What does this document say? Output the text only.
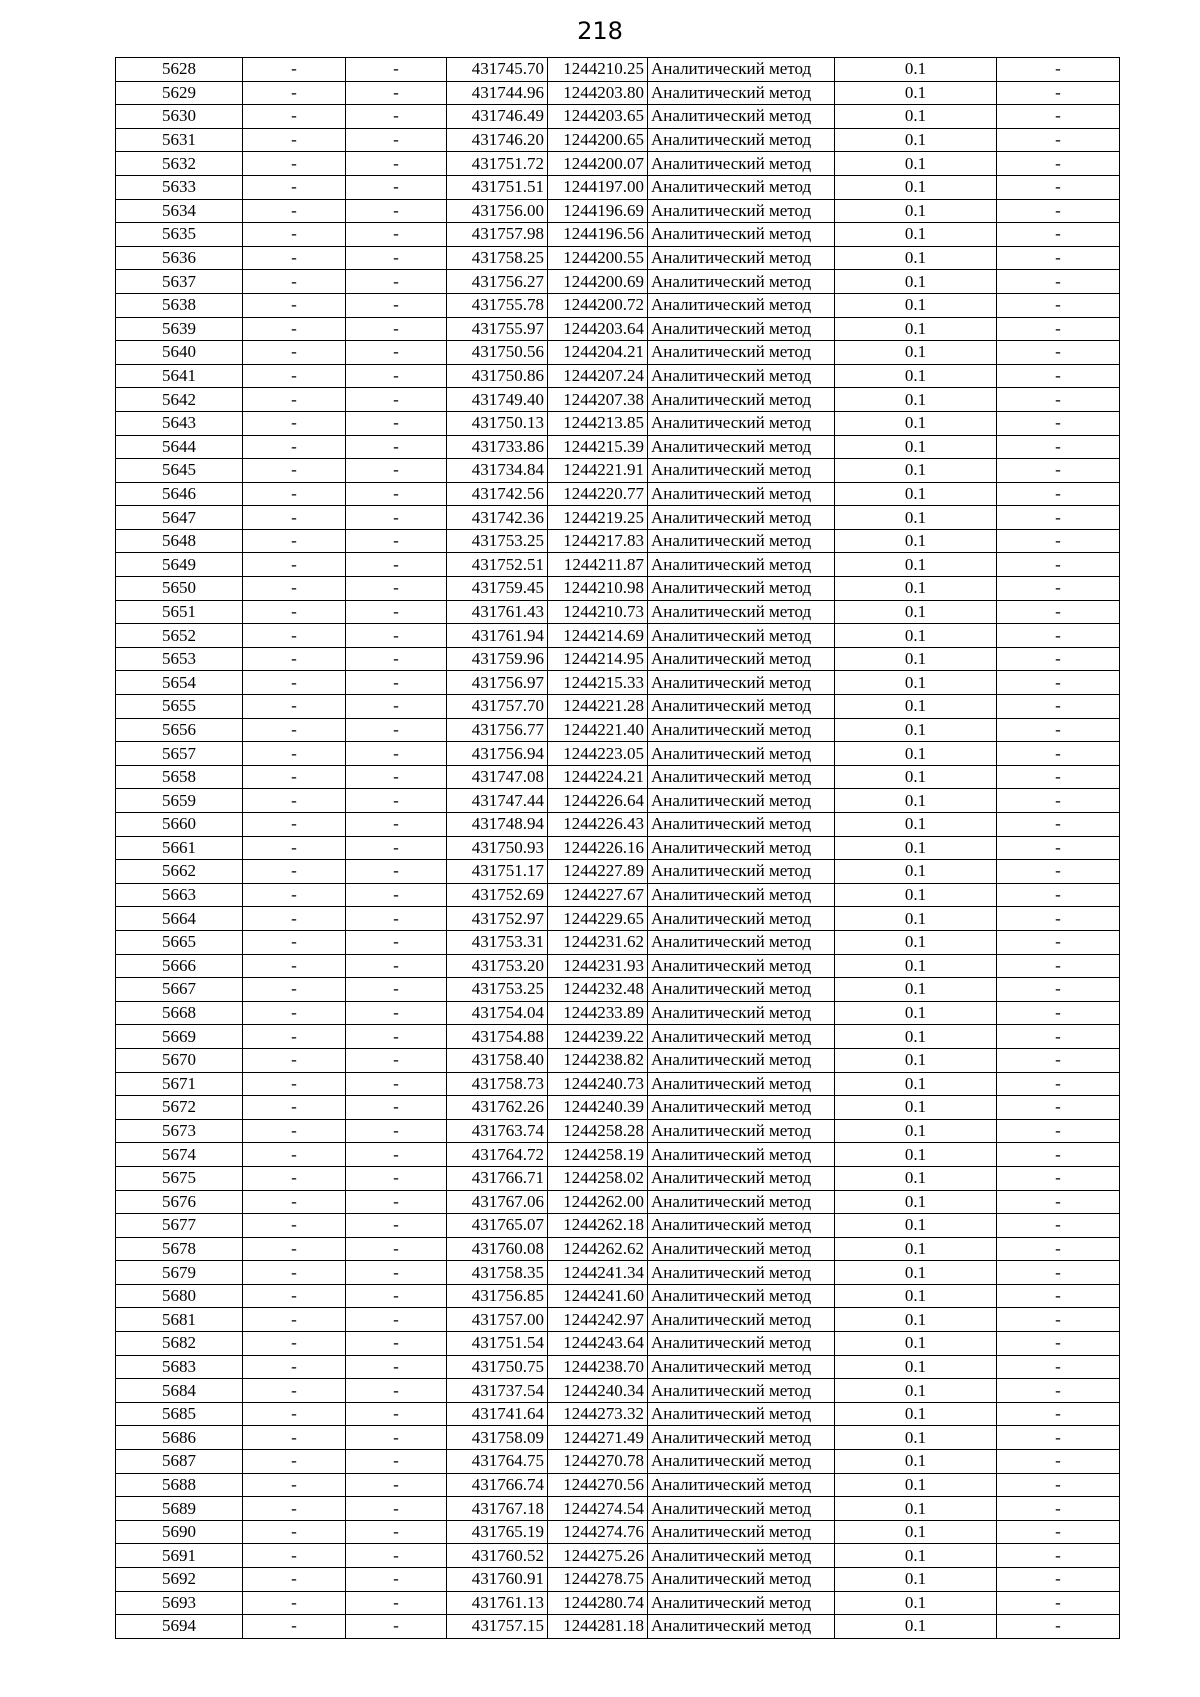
218
5628	-	-	431745.70	1244210.25	Аналитический метод	0.1	-
5629	-	-	431744.96	1244203.80	Аналитический метод	0.1	-
5630	-	-	431746.49	1244203.65	Аналитический метод	0.1	-
5631	-	-	431746.20	1244200.65	Аналитический метод	0.1	-
5632	-	-	431751.72	1244200.07	Аналитический метод	0.1	-
5633	-	-	431751.51	1244197.00	Аналитический метод	0.1	-
5634	-	-	431756.00	1244196.69	Аналитический метод	0.1	-
5635	-	-	431757.98	1244196.56	Аналитический метод	0.1	-
5636	-	-	431758.25	1244200.55	Аналитический метод	0.1	-
5637	-	-	431756.27	1244200.69	Аналитический метод	0.1	-
5638	-	-	431755.78	1244200.72	Аналитический метод	0.1	-
5639	-	-	431755.97	1244203.64	Аналитический метод	0.1	-
5640	-	-	431750.56	1244204.21	Аналитический метод	0.1	-
5641	-	-	431750.86	1244207.24	Аналитический метод	0.1	-
5642	-	-	431749.40	1244207.38	Аналитический метод	0.1	-
5643	-	-	431750.13	1244213.85	Аналитический метод	0.1	-
5644	-	-	431733.86	1244215.39	Аналитический метод	0.1	-
5645	-	-	431734.84	1244221.91	Аналитический метод	0.1	-
5646	-	-	431742.56	1244220.77	Аналитический метод	0.1	-
5647	-	-	431742.36	1244219.25	Аналитический метод	0.1	-
5648	-	-	431753.25	1244217.83	Аналитический метод	0.1	-
5649	-	-	431752.51	1244211.87	Аналитический метод	0.1	-
5650	-	-	431759.45	1244210.98	Аналитический метод	0.1	-
5651	-	-	431761.43	1244210.73	Аналитический метод	0.1	-
5652	-	-	431761.94	1244214.69	Аналитический метод	0.1	-
5653	-	-	431759.96	1244214.95	Аналитический метод	0.1	-
5654	-	-	431756.97	1244215.33	Аналитический метод	0.1	-
5655	-	-	431757.70	1244221.28	Аналитический метод	0.1	-
5656	-	-	431756.77	1244221.40	Аналитический метод	0.1	-
5657	-	-	431756.94	1244223.05	Аналитический метод	0.1	-
5658	-	-	431747.08	1244224.21	Аналитический метод	0.1	-
5659	-	-	431747.44	1244226.64	Аналитический метод	0.1	-
5660	-	-	431748.94	1244226.43	Аналитический метод	0.1	-
5661	-	-	431750.93	1244226.16	Аналитический метод	0.1	-
5662	-	-	431751.17	1244227.89	Аналитический метод	0.1	-
5663	-	-	431752.69	1244227.67	Аналитический метод	0.1	-
5664	-	-	431752.97	1244229.65	Аналитический метод	0.1	-
5665	-	-	431753.31	1244231.62	Аналитический метод	0.1	-
5666	-	-	431753.20	1244231.93	Аналитический метод	0.1	-
5667	-	-	431753.25	1244232.48	Аналитический метод	0.1	-
5668	-	-	431754.04	1244233.89	Аналитический метод	0.1	-
5669	-	-	431754.88	1244239.22	Аналитический метод	0.1	-
5670	-	-	431758.40	1244238.82	Аналитический метод	0.1	-
5671	-	-	431758.73	1244240.73	Аналитический метод	0.1	-
5672	-	-	431762.26	1244240.39	Аналитический метод	0.1	-
5673	-	-	431763.74	1244258.28	Аналитический метод	0.1	-
5674	-	-	431764.72	1244258.19	Аналитический метод	0.1	-
5675	-	-	431766.71	1244258.02	Аналитический метод	0.1	-
5676	-	-	431767.06	1244262.00	Аналитический метод	0.1	-
5677	-	-	431765.07	1244262.18	Аналитический метод	0.1	-
5678	-	-	431760.08	1244262.62	Аналитический метод	0.1	-
5679	-	-	431758.35	1244241.34	Аналитический метод	0.1	-
5680	-	-	431756.85	1244241.60	Аналитический метод	0.1	-
5681	-	-	431757.00	1244242.97	Аналитический метод	0.1	-
5682	-	-	431751.54	1244243.64	Аналитический метод	0.1	-
5683	-	-	431750.75	1244238.70	Аналитический метод	0.1	-
5684	-	-	431737.54	1244240.34	Аналитический метод	0.1	-
5685	-	-	431741.64	1244273.32	Аналитический метод	0.1	-
5686	-	-	431758.09	1244271.49	Аналитический метод	0.1	-
5687	-	-	431764.75	1244270.78	Аналитический метод	0.1	-
5688	-	-	431766.74	1244270.56	Аналитический метод	0.1	-
5689	-	-	431767.18	1244274.54	Аналитический метод	0.1	-
5690	-	-	431765.19	1244274.76	Аналитический метод	0.1	-
5691	-	-	431760.52	1244275.26	Аналитический метод	0.1	-
5692	-	-	431760.91	1244278.75	Аналитический метод	0.1	-
5693	-	-	431761.13	1244280.74	Аналитический метод	0.1	-
5694	-	-	431757.15	1244281.18	Аналитический метод	0.1	-
